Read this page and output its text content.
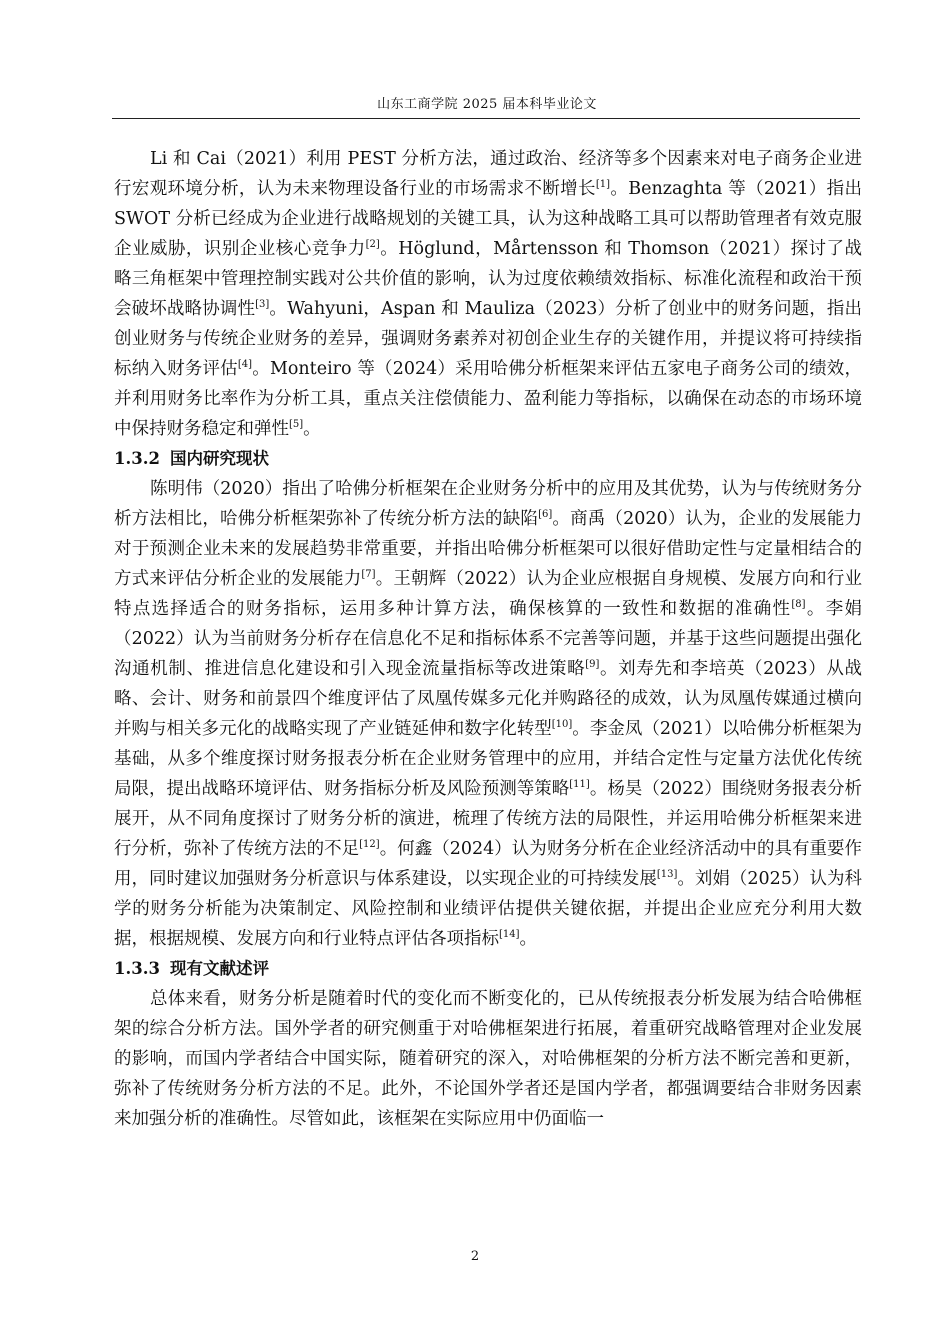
山东工商学院 2025 届本科毕业论文

Li 和 Cai（2021）利用 PEST 分析方法，通过政治、经济等多个因素来对电子商务企业进行宏观环境分析，认为未来物理设备行业的市场需求不断增长[1]。Benzaghta 等（2021）指出 SWOT 分析已经成为企业进行战略规划的关键工具，认为这种战略工具可以帮助管理者有效克服企业威胁，识别企业核心竞争力[2]。Höglund，Mårtensson 和 Thomson（2021）探讨了战略三角框架中管理控制实践对公共价值的影响，认为过度依赖绩效指标、标准化流程和政治干预会破坏战略协调性[3]。Wahyuni，Aspan 和 Mauliza（2023）分析了创业中的财务问题，指出创业财务与传统企业财务的差异，强调财务素养对初创企业生存的关键作用，并提议将可持续指标纳入财务评估[4]。Monteiro 等（2024）采用哈佛分析框架来评估五家电子商务公司的绩效，并利用财务比率作为分析工具，重点关注偿债能力、盈利能力等指标，以确保在动态的市场环境中保持财务稳定和弹性[5]。

1.3.2 国内研究现状

陈明伟（2020）指出了哈佛分析框架在企业财务分析中的应用及其优势，认为与传统财务分析方法相比，哈佛分析框架弥补了传统分析方法的缺陷[6]。商禹（2020）认为，企业的发展能力对于预测企业未来的发展趋势非常重要，并指出哈佛分析框架可以很好借助定性与定量相结合的方式来评估分析企业的发展能力[7]。王朝辉（2022）认为企业应根据自身规模、发展方向和行业特点选择适合的财务指标，运用多种计算方法，确保核算的一致性和数据的准确性[8]。李娟（2022）认为当前财务分析存在信息化不足和指标体系不完善等问题，并基于这些问题提出强化沟通机制、推进信息化建设和引入现金流量指标等改进策略[9]。刘寿先和李培英（2023）从战略、会计、财务和前景四个维度评估了凤凰传媒多元化并购路径的成效，认为凤凰传媒通过横向并购与相关多元化的战略实现了产业链延伸和数字化转型[10]。李金凤（2021）以哈佛分析框架为基础，从多个维度探讨财务报表分析在企业财务管理中的应用，并结合定性与定量方法优化传统局限，提出战略环境评估、财务指标分析及风险预测等策略[11]。杨昊（2022）围绕财务报表分析展开，从不同角度探讨了财务分析的演进，梳理了传统方法的局限性，并运用哈佛分析框架来进行分析，弥补了传统方法的不足[12]。何鑫（2024）认为财务分析在企业经济活动中的具有重要作用，同时建议加强财务分析意识与体系建设，以实现企业的可持续发展[13]。刘娟（2025）认为科学的财务分析能为决策制定、风险控制和业绩评估提供关键依据，并提出企业应充分利用大数据，根据规模、发展方向和行业特点评估各项指标[14]。

1.3.3 现有文献述评

总体来看，财务分析是随着时代的变化而不断变化的，已从传统报表分析发展为结合哈佛框架的综合分析方法。国外学者的研究侧重于对哈佛框架进行拓展，着重研究战略管理对企业发展的影响，而国内学者结合中国实际，随着研究的深入，对哈佛框架的分析方法不断完善和更新，弥补了传统财务分析方法的不足。此外，不论国外学者还是国内学者，都强调要结合非财务因素来加强分析的准确性。尽管如此，该框架在实际应用中仍面临一

2
